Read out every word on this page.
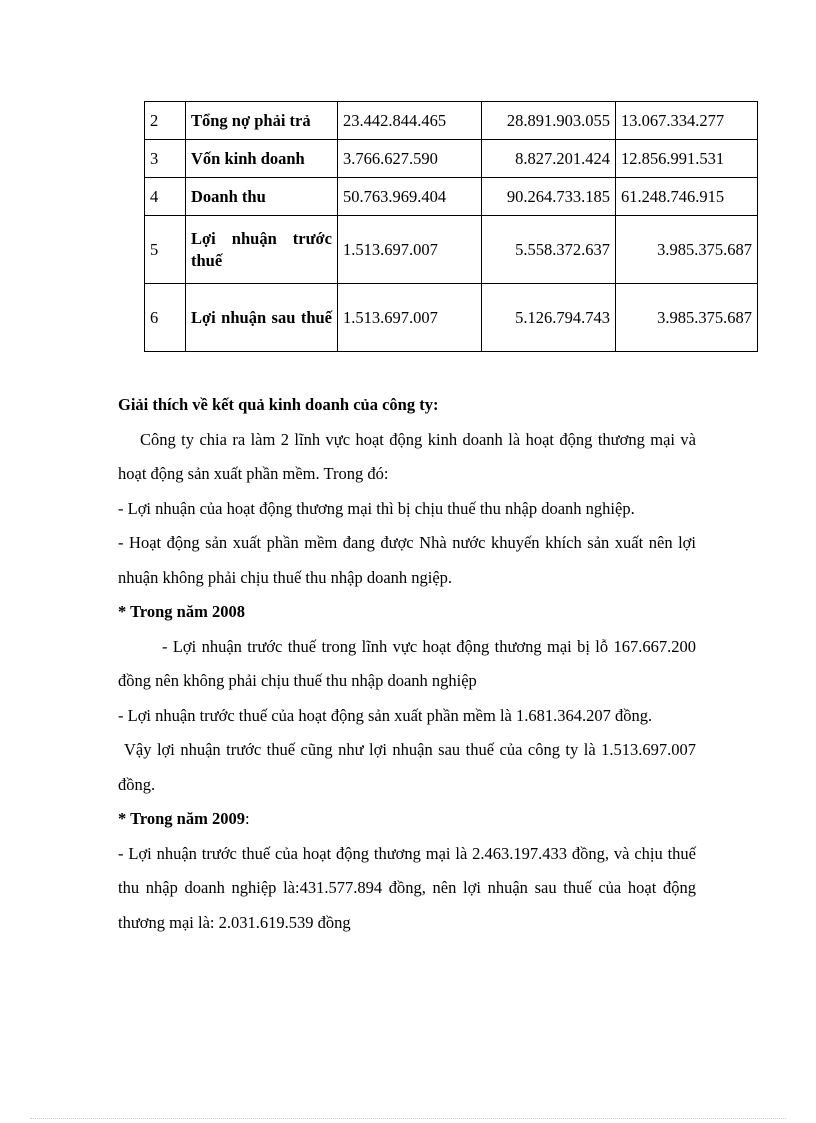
2	Tổng nợ phải trả	23.442.844.465	28.891.903.055	13.067.334.277
3	Vốn kinh doanh	3.766.627.590	8.827.201.424	12.856.991.531
4	Doanh thu	50.763.969.404	90.264.733.185	61.248.746.915
5	Lợi nhuận trước thuế	1.513.697.007	5.558.372.637	3.985.375.687
6	Lợi nhuận sau thuế	1.513.697.007	5.126.794.743	3.985.375.687

Giải thích về kết quả kinh doanh của công ty:

Công ty chia ra làm 2 lĩnh vực hoạt động kinh doanh là hoạt động thương mại và hoạt động sản xuất phần mềm. Trong đó:

- Lợi nhuận của hoạt động thương mại thì bị chịu thuế thu nhập doanh nghiệp.

- Hoạt động sản xuất phần mềm đang được Nhà nước khuyến khích sản xuất nên lợi nhuận không phải chịu thuế thu nhập doanh ngiệp.

* Trong năm 2008

- Lợi nhuận trước thuế trong lĩnh vực hoạt động thương mại bị lỗ 167.667.200 đồng nên không phải chịu thuế thu nhập doanh nghiệp

- Lợi nhuận trước thuế của hoạt động sản xuất phần mềm là 1.681.364.207 đồng.

Vậy lợi nhuận trước thuế cũng như lợi nhuận sau thuế của công ty là 1.513.697.007 đồng.

* Trong năm 2009:

- Lợi nhuận trước thuế của hoạt động thương mại là 2.463.197.433 đồng, và chịu thuế thu nhập doanh nghiệp là:431.577.894 đồng, nên lợi nhuận sau thuế của hoạt động thương mại là: 2.031.619.539 đồng
